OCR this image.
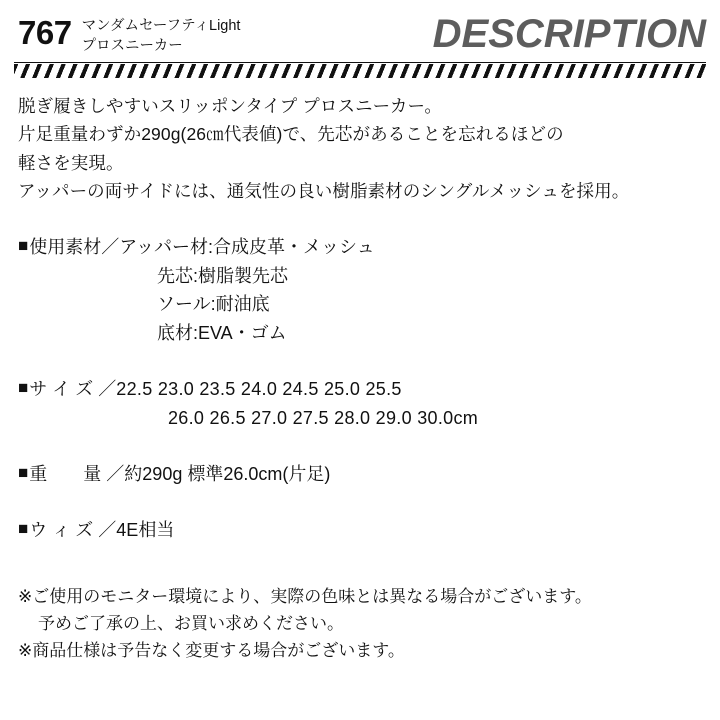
767 マンダムセーフティLight
プロスニーカー	DESCRIPTION

脱ぎ履きしやすいスリッポンタイプ プロスニーカー。

片足重量わずか290g(26㎝代表値)で、先芯があることを忘れるほどの

軽さを実現。

アッパーの両サイドには、通気性の良い樹脂素材のシングルメッシュを採用。

■ 使用素材／ アッパー材:合成皮革・メッシュ
先芯:樹脂製先芯
ソール:耐油底
底材:EVA・ゴム
■ サ イ ズ ／ 22.5 23.0 23.5 24.0 24.5 25.0 25.5
26.0 26.5 27.0 27.5 28.0 29.0 30.0cm
■ 重　　量 ／ 約290g 標準26.0cm(片足)
■ ウ ィ ズ ／ 4E相当

※ご使用のモニター環境により、実際の色味とは異なる場合がございます。

予めご了承の上、お買い求めください。

※商品仕様は予告なく変更する場合がございます。
